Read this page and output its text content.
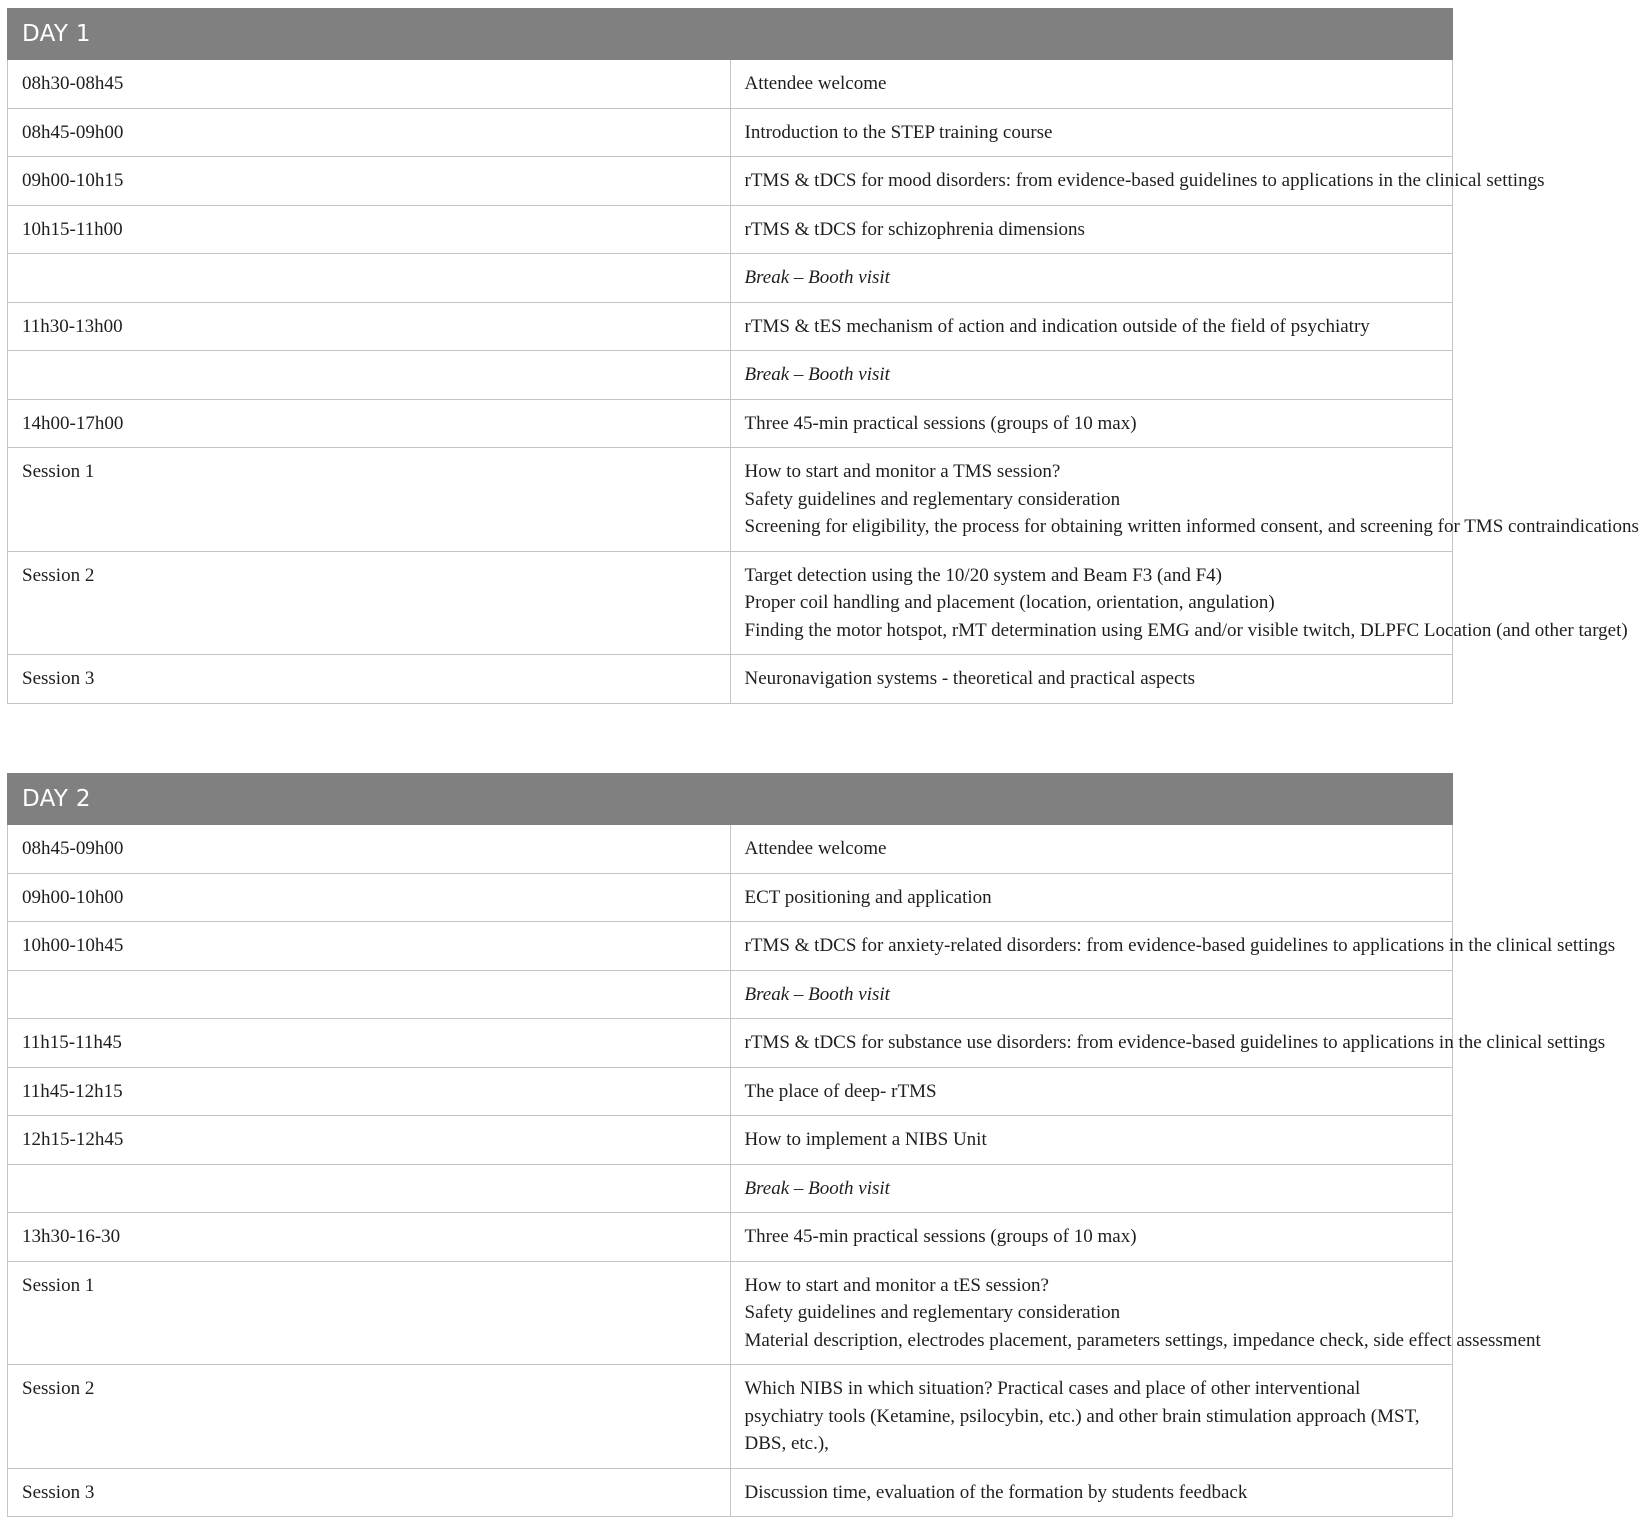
DAY 1	
08h30-08h45	Attendee welcome

08h45-09h00	Introduction to the STEP training course

09h00-10h15	rTMS & tDCS for mood disorders: from evidence-based guidelines to applications in the clinical settings

10h15-11h00	rTMS & tDCS for schizophrenia dimensions

	Break – Booth visit

11h30-13h00	rTMS & tES mechanism of action and indication outside of the field of psychiatry

	Break – Booth visit

14h00-17h00	Three 45-min practical sessions (groups of 10 max)

Session 1	How to start and monitor a TMS session?
Safety guidelines and reglementary consideration
Screening for eligibility, the process for obtaining written informed consent, and screening for TMS contraindications

Session 2	Target detection using the 10/20 system and Beam F3 (and F4)
Proper coil handling and placement (location, orientation, angulation)
Finding the motor hotspot, rMT determination using EMG and/or visible twitch, DLPFC Location (and other target)

Session 3	Neuronavigation systems - theoretical and practical aspects
DAY 2	
08h45-09h00	Attendee welcome

09h00-10h00	ECT positioning and application

10h00-10h45	rTMS & tDCS for anxiety-related disorders: from evidence-based guidelines to applications in the clinical settings

	Break – Booth visit

11h15-11h45	rTMS & tDCS for substance use disorders: from evidence-based guidelines to applications in the clinical settings

11h45-12h15	The place of deep- rTMS

12h15-12h45	How to implement a NIBS Unit

	Break – Booth visit

13h30-16-30	Three 45-min practical sessions (groups of 10 max)

Session 1	How to start and monitor a tES session?
Safety guidelines and reglementary consideration
Material description, electrodes placement, parameters settings, impedance check, side effect assessment

Session 2	Which NIBS in which situation? Practical cases and place of other interventional psychiatry tools (Ketamine, psilocybin, etc.) and other brain stimulation approach (MST, DBS, etc.),

Session 3	Discussion time, evaluation of the formation by students feedback
